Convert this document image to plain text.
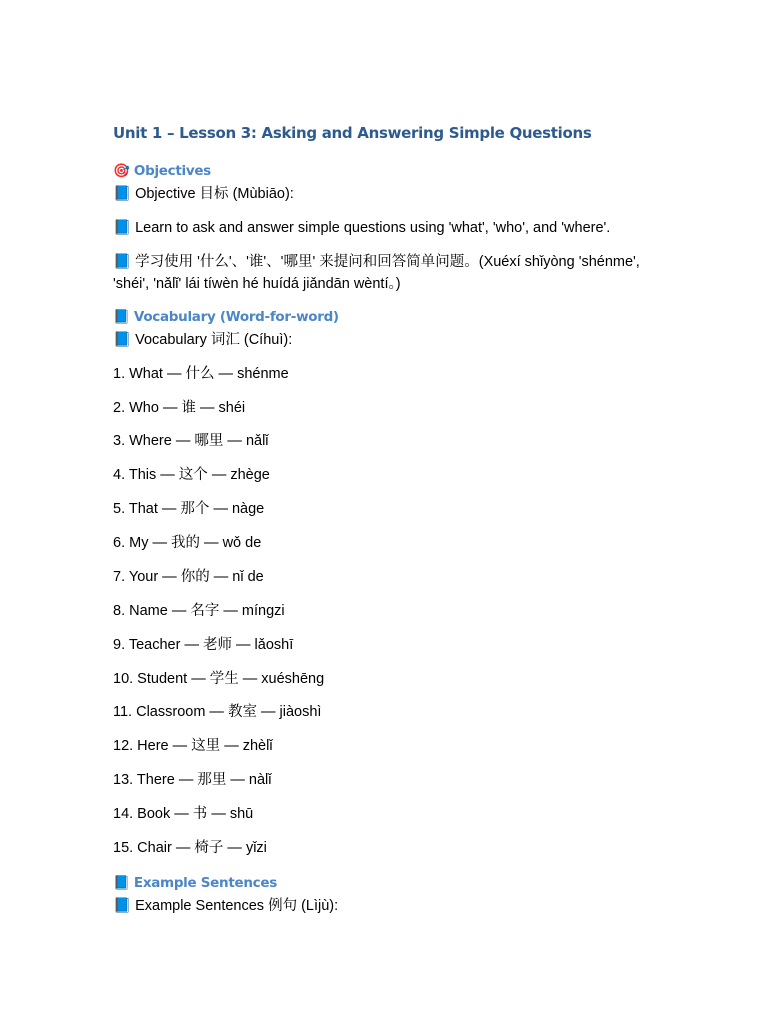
Unit 1 – Lesson 3: Asking and Answering Simple Questions
🎯 Objectives
📘 Objective 目标 (Mùbiāo):
📘 Learn to ask and answer simple questions using 'what', 'who', and 'where'.
📘 学习使用 '什么'、'谁'、'哪里' 来提问和回答简单问题。(Xuéxí shǐyòng 'shénme', 'shéi', 'nǎlǐ' lái tíwèn hé huídá jiǎndān wèntí。)
📘 Vocabulary (Word-for-word)
📘 Vocabulary 词汇 (Cíhuì):
1. What — 什么 — shénme
2. Who — 谁 — shéi
3. Where — 哪里 — nǎlǐ
4. This — 这个 — zhège
5. That — 那个 — nàge
6. My — 我的 — wǒ de
7. Your — 你的 — nǐ de
8. Name — 名字 — míngzi
9. Teacher — 老师 — lǎoshī
10. Student — 学生 — xuéshēng
11. Classroom — 教室 — jiàoshì
12. Here — 这里 — zhèlǐ
13. There — 那里 — nàlǐ
14. Book — 书 — shū
15. Chair — 椅子 — yǐzi
📘 Example Sentences
📘 Example Sentences 例句 (Lìjù):
